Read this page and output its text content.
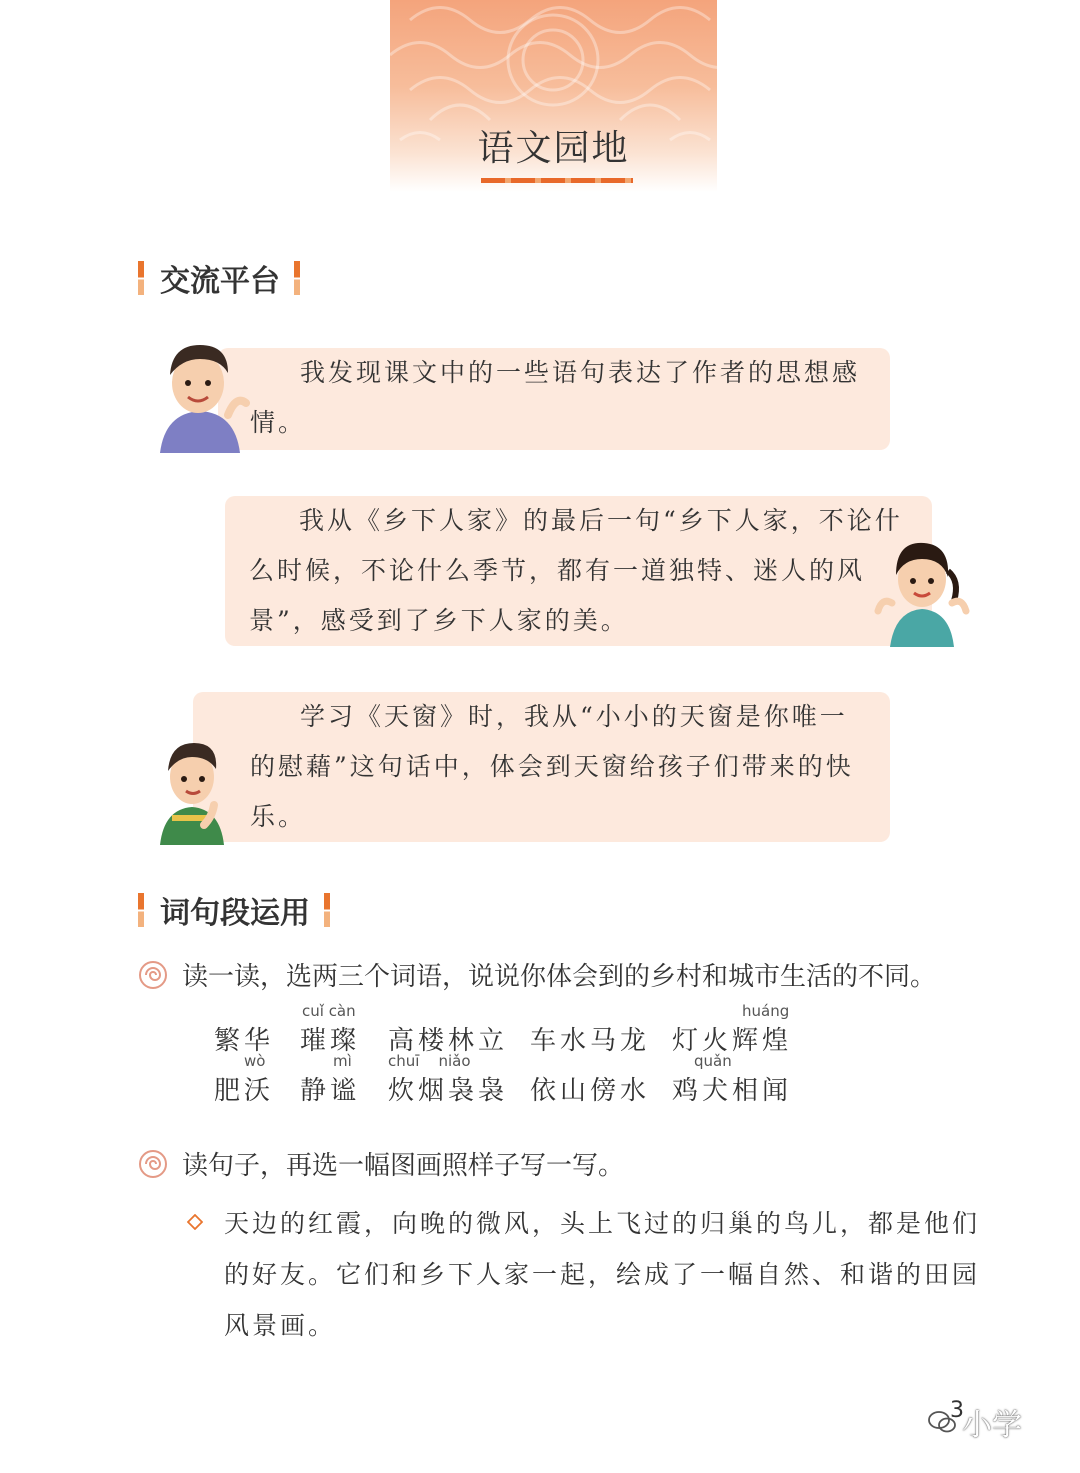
语文园地
交流平台

我发现课文中的一些语句表达了作者的思想感情。

我从《乡下人家》的最后一句“乡下人家，不论什么时候，不论什么季节，都有一道独特、迷人的风景”，感受到了乡下人家的美。

学习《天窗》时，我从“小小的天窗是你唯一的慰藉”这句话中，体会到天窗给孩子们带来的快乐。

词句段运用
读一读，选两三个词语，说说你体会到的乡村和城市生活的不同。
繁华
cuǐ càn
璀璨 高楼林立 车水马龙
huáng
灯火辉煌
wò
肥沃
mì
静谧
chuī    niǎo
炊烟袅袅 依山傍水
quǎn
鸡犬相闻
读句子，再选一幅图画照样子写一写。
天边的红霞，向晚的微风，头上飞过的归巢的鸟儿，都是他们的好友。它们和乡下人家一起，绘成了一幅自然、和谐的田园风景画。
3
小学
